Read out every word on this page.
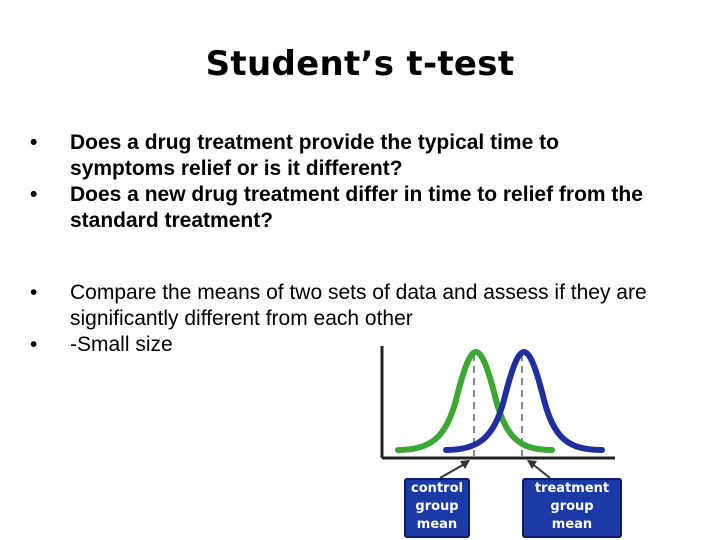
Student’s t-test
• Does a drug treatment provide the typical time to symptoms relief or is it different?
• Does a new drug treatment differ in time to relief from the standard treatment?
• Compare the means of two sets of data and assess if they are significantly different from each other
• -Small size
control
group
mean
treatment
group
mean
